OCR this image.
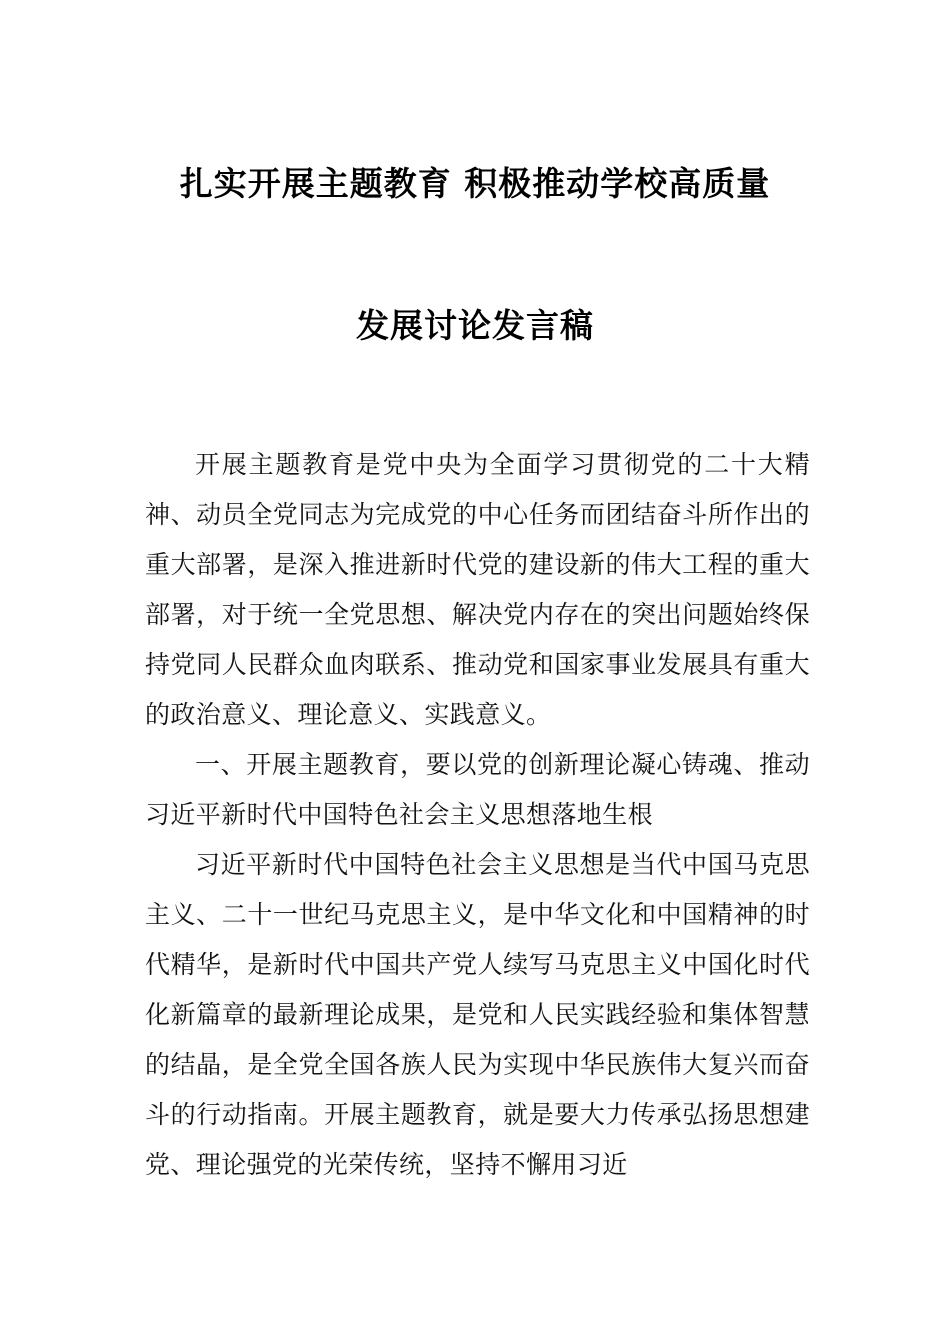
扎实开展主题教育 积极推动学校高质量
发展讨论发言稿

开展主题教育是党中央为全面学习贯彻党的二十大精神、动员全党同志为完成党的中心任务而团结奋斗所作出的重大部署，是深入推进新时代党的建设新的伟大工程的重大部署，对于统一全党思想、解决党内存在的突出问题始终保持党同人民群众血肉联系、推动党和国家事业发展具有重大的政治意义、理论意义、实践意义。

一、开展主题教育，要以党的创新理论凝心铸魂、推动习近平新时代中国特色社会主义思想落地生根

习近平新时代中国特色社会主义思想是当代中国马克思主义、二十一世纪马克思主义，是中华文化和中国精神的时代精华，是新时代中国共产党人续写马克思主义中国化时代化新篇章的最新理论成果，是党和人民实践经验和集体智慧的结晶，是全党全国各族人民为实现中华民族伟大复兴而奋斗的行动指南。开展主题教育，就是要大力传承弘扬思想建党、理论强党的光荣传统，坚持不懈用习近
